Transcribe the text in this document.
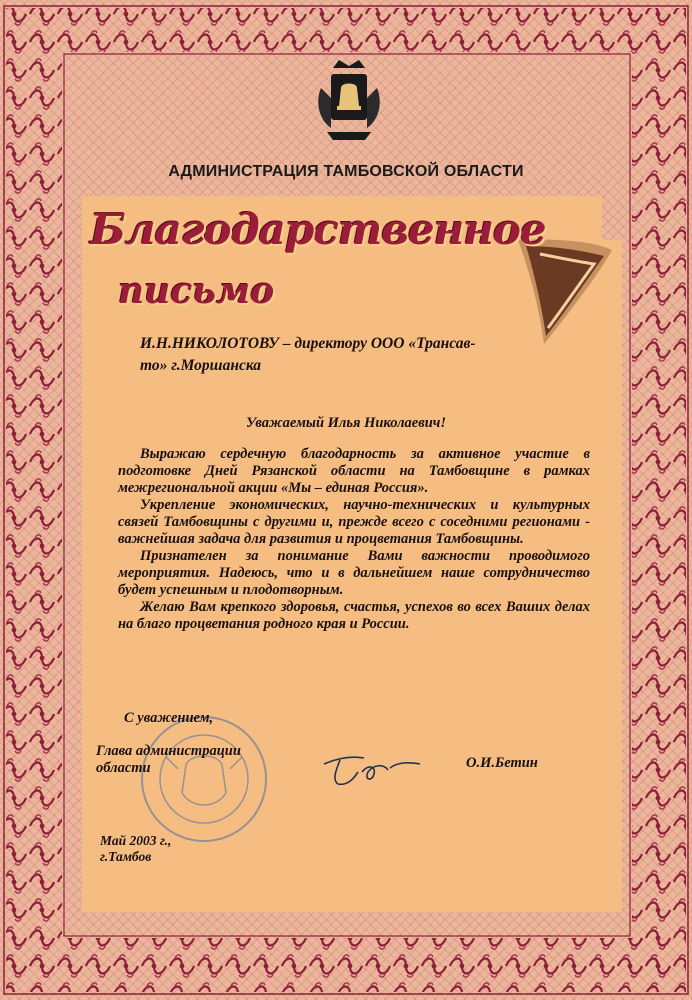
АДМИНИСТРАЦИЯ ТАМБОВСКОЙ ОБЛАСТИ
Благодарственное
письмо
И.Н.НИКОЛОТОВУ – директору ООО «Трансав-то» г.Моршанска
Уважаемый Илья Николаевич!

Выражаю сердечную благодарность за активное участие в подготовке Дней Рязанской области на Тамбовщине в рамках межрегиональной акции «Мы – единая Россия».

Укрепление экономических, научно-технических и культурных связей Тамбовщины с другими и, прежде всего с соседними регионами - важнейшая задача для развития и процветания Тамбовщины.

Признателен за понимание Вами важности проводимого мероприятия. Надеюсь, что и в дальнейшем наше сотрудничество будет успешным и плодотворным.

Желаю Вам крепкого здоровья, счастья, успехов во всех Ваших делах на благо процветания родного края и России.

С уважением,
Глава администрации
области	О.И.Бетин
Май 2003 г.,
г.Тамбов
